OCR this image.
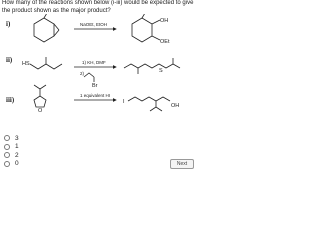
How many of the reactions shown below (i-iii) would be expected to give the product shown as the major product?
i)
ii)
iii)
NaOEt, EtOH
OH
OEt
HS	1) KH, DMF
2)
Br
S
O
1 equivalent HI
I
OH
3
1
2
0	Next
